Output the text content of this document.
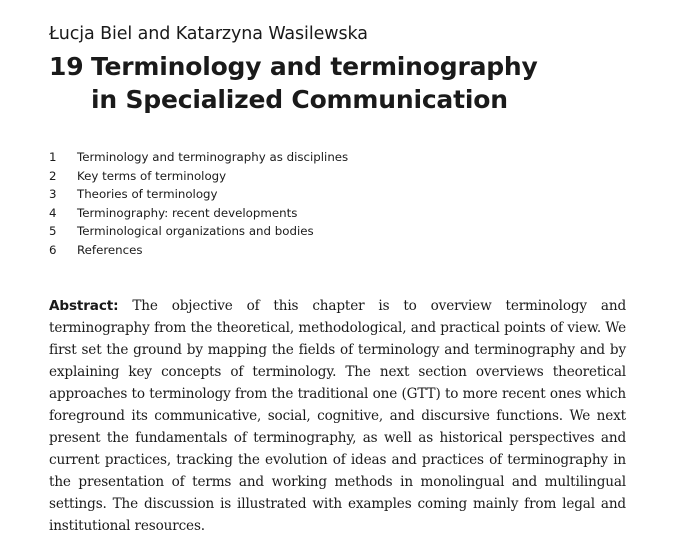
Łucja Biel and Katarzyna Wasilewska

19 Terminology and terminography
in Specialized Communication
1	Terminology and terminography as disciplines
2	Key terms of terminology
3	Theories of terminology
4	Terminography: recent developments
5	Terminological organizations and bodies
6	References

Abstract: The objective of this chapter is to overview terminology and terminography from the theoretical, methodological, and practical points of view. We first set the ground by mapping the fields of terminology and terminography and by explaining key concepts of terminology. The next section overviews theoretical approaches to terminology from the traditional one (GTT) to more recent ones which foreground its communicative, social, cognitive, and discursive functions. We next present the fundamentals of terminography, as well as historical perspectives and current practices, tracking the evolution of ideas and practices of terminography in the presentation of terms and working methods in monolingual and multilingual settings. The discussion is illustrated with examples coming mainly from legal and institutional resources.
